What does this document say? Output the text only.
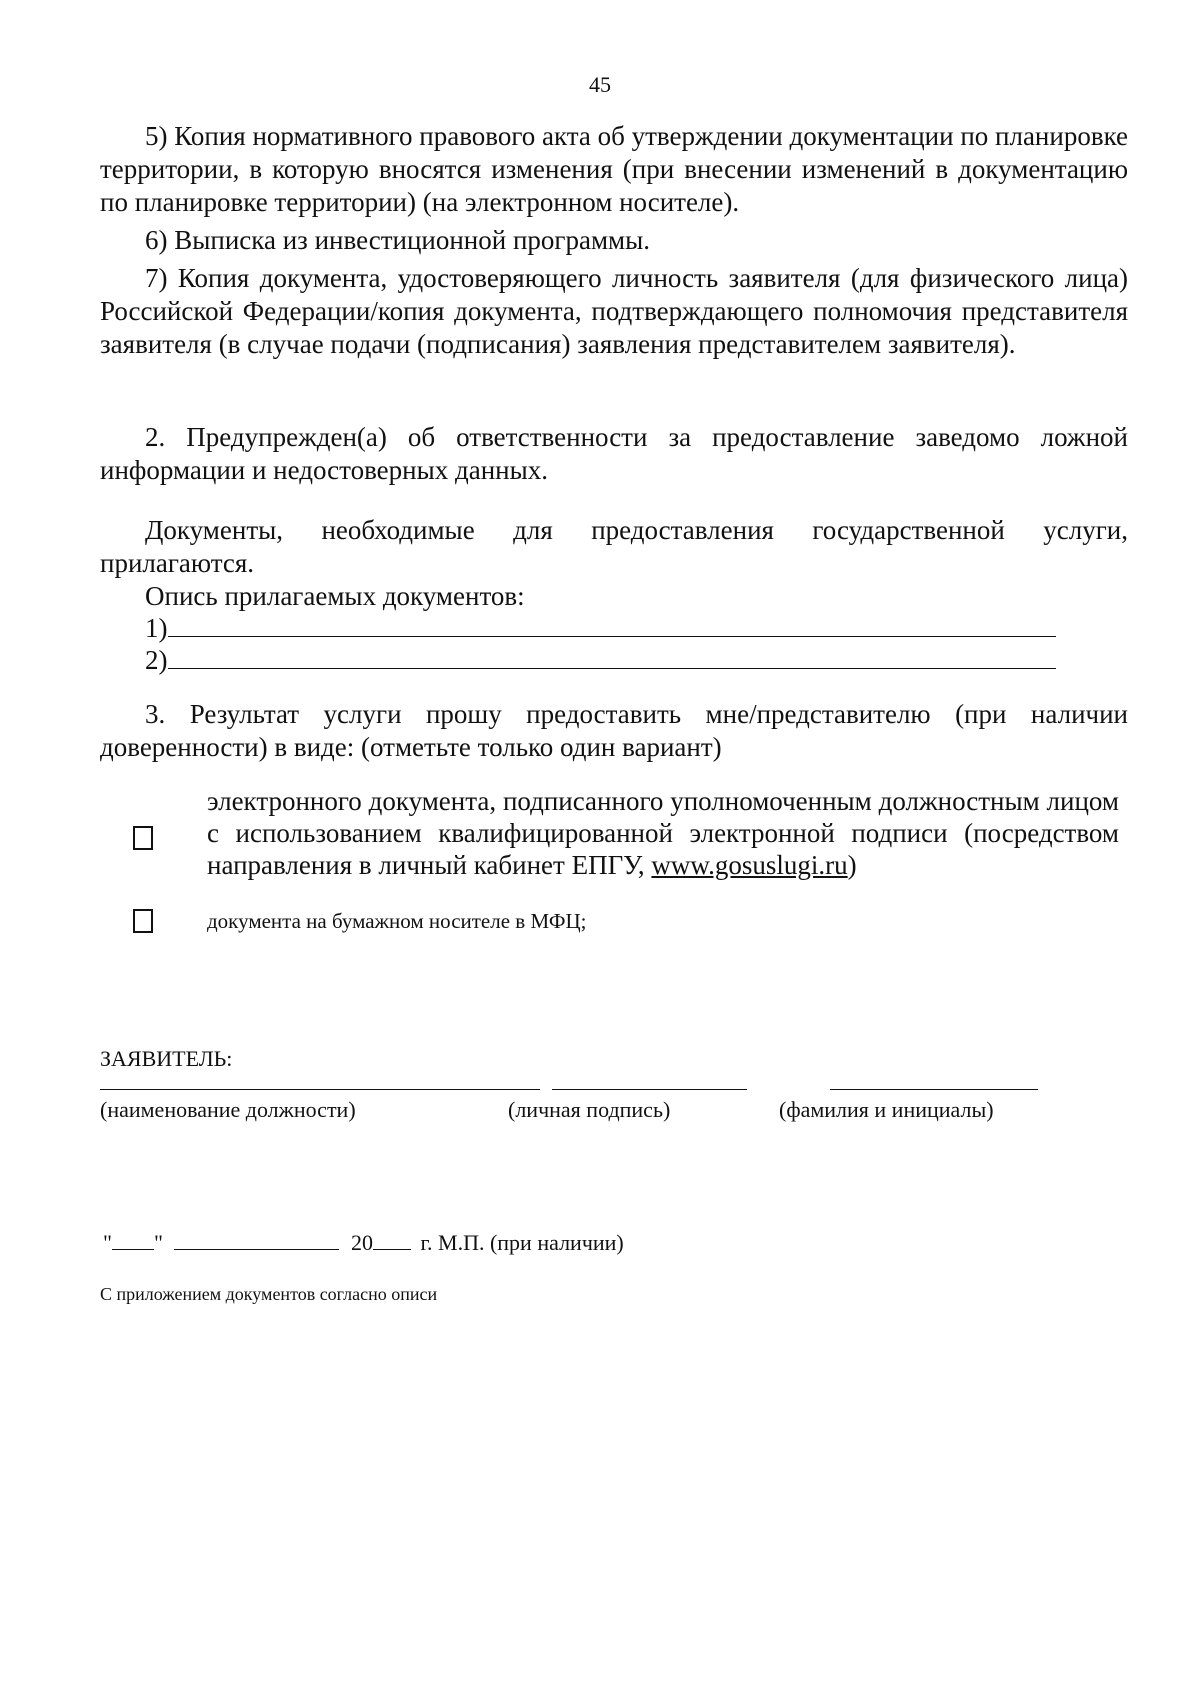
45
5) Копия нормативного правового акта об утверждении документации по планировке территории, в которую вносятся изменения (при внесении изменений в документацию по планировке территории) (на электронном носителе).
6) Выписка из инвестиционной программы.
7) Копия документа, удостоверяющего личность заявителя (для физического лица) Российской Федерации/копия документа, подтверждающего полномочия представителя заявителя (в случае подачи (подписания) заявления представителем заявителя).
2. Предупрежден(а) об ответственности за предоставление заведомо ложной информации и недостоверных данных.
Документы, необходимые для предоставления государственной услуги, прилагаются.
Опись прилагаемых документов:
1)
2)
3. Результат услуги прошу предоставить мне/представителю (при наличии доверенности) в виде: (отметьте только один вариант)
электронного документа, подписанного уполномоченным должностным лицом с использованием квалифицированной электронной подписи (посредством направления в личный кабинет ЕПГУ, www.gosuslugi.ru)
документа на бумажном носителе в МФЦ;
ЗАЯВИТЕЛЬ:
(наименование должности)	(личная подпись)	(фамилия и инициалы)
" "	20 г. М.П. (при наличии)
С приложением документов согласно описи
